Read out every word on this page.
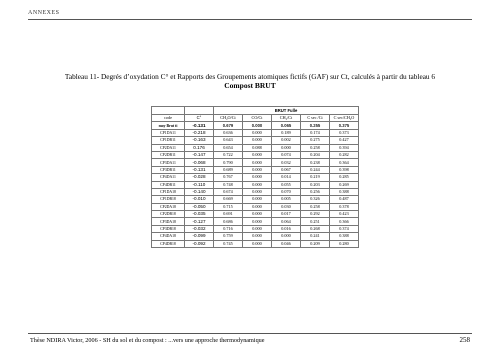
ANNEXES
Tableau 11- Degrés d’oxydation C° et Rapports des Groupements atomiques fictifs (GAF) sur Ct, calculés à partir du tableau 6
Compost BRUT
		BRUT Fulle				
code	C°	CH₂O/Ct	CO/Ct	CH₂/Ct	C sec /Ct	C sec/CH₂O
moy Brut ti	-0.131	0.679	0.000	0.065	0.255	0.375
CP1DA11	-0.218	0.636	0.000	0.189	0.174	0.373
CP1DB11	-0.163	0.643	0.000	0.002	0.275	0.427
CP2DA11	0.176	0.654	0.088	0.000	0.258	0.394
CP2DB11	-0.147	0.722	0.000	0.074	0.204	0.282
CP3DA11	-0.068	0.790	0.000	0.032	0.238	0.364
CP3DB11	-0.131	0.689	0.000	0.067	0.244	0.398
CP4DA11	-0.028	0.767	0.000	0.014	0.219	0.285
CP4DB11	-0.110	0.748	0.000	0.055	0.203	0.269
CP1DA18	-0.140	0.674	0.000	0.070	0.256	0.388
CP1DB18	-0.010	0.669	0.000	0.005	0.326	0.487
CP2DA18	-0.050	0.715	0.000	0.030	0.258	0.378
CP2DB18	-0.035	0.691	0.000	0.017	0.292	0.423
CP3DA18	-0.127	0.686	0.000	0.064	0.251	0.366
CP3DB18	-0.032	0.716	0.000	0.016	0.268	0.374
CP4DA18	-0.099	0.759	0.000	0.000	0.241	0.388
CP4DB18	-0.092	0.745	0.000	0.046	0.209	0.280
Thèse NDIRA Victor, 2006 - SH du sol et du compost : ...vers une approche thermodynamique	258
